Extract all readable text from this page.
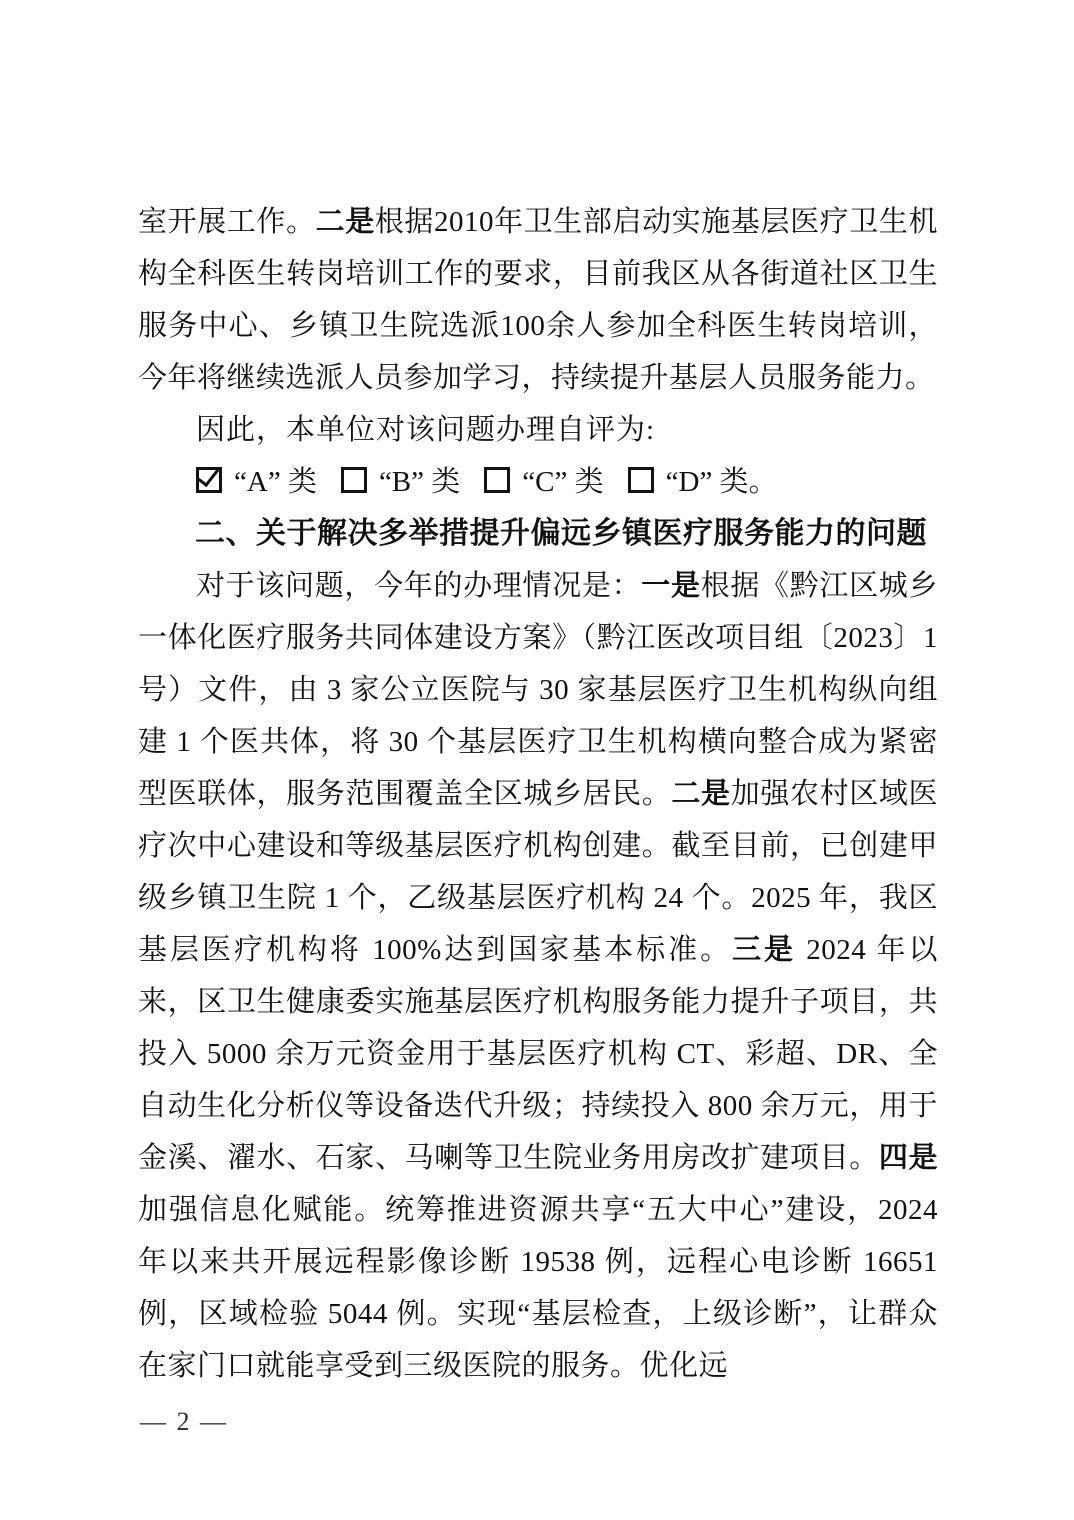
室开展工作。二是根据2010年卫生部启动实施基层医疗卫生机构全科医生转岗培训工作的要求，目前我区从各街道社区卫生服务中心、乡镇卫生院选派100余人参加全科医生转岗培训，今年将继续选派人员参加学习，持续提升基层人员服务能力。

因此，本单位对该问题办理自评为:

“A” 类 “B” 类 “C” 类 “D” 类。

二、关于解决多举措提升偏远乡镇医疗服务能力的问题

对于该问题，今年的办理情况是：一是根据《黔江区城乡一体化医疗服务共同体建设方案》（黔江医改项目组〔2023〕1 号）文件，由 3 家公立医院与 30 家基层医疗卫生机构纵向组建 1 个医共体，将 30 个基层医疗卫生机构横向整合成为紧密型医联体，服务范围覆盖全区城乡居民。二是加强农村区域医疗次中心建设和等级基层医疗机构创建。截至目前，已创建甲级乡镇卫生院 1 个，乙级基层医疗机构 24 个。2025 年，我区基层医疗机构将 100%达到国家基本标准。三是 2024 年以来，区卫生健康委实施基层医疗机构服务能力提升子项目，共投入 5000 余万元资金用于基层医疗机构 CT、彩超、DR、全自动生化分析仪等设备迭代升级；持续投入 800 余万元，用于金溪、濯水、石家、马喇等卫生院业务用房改扩建项目。四是加强信息化赋能。统筹推进资源共享“五大中心”建设，2024 年以来共开展远程影像诊断 19538 例，远程心电诊断 16651 例，区域检验 5044 例。实现“基层检查，上级诊断”，让群众在家门口就能享受到三级医院的服务。优化远

— 2 —
